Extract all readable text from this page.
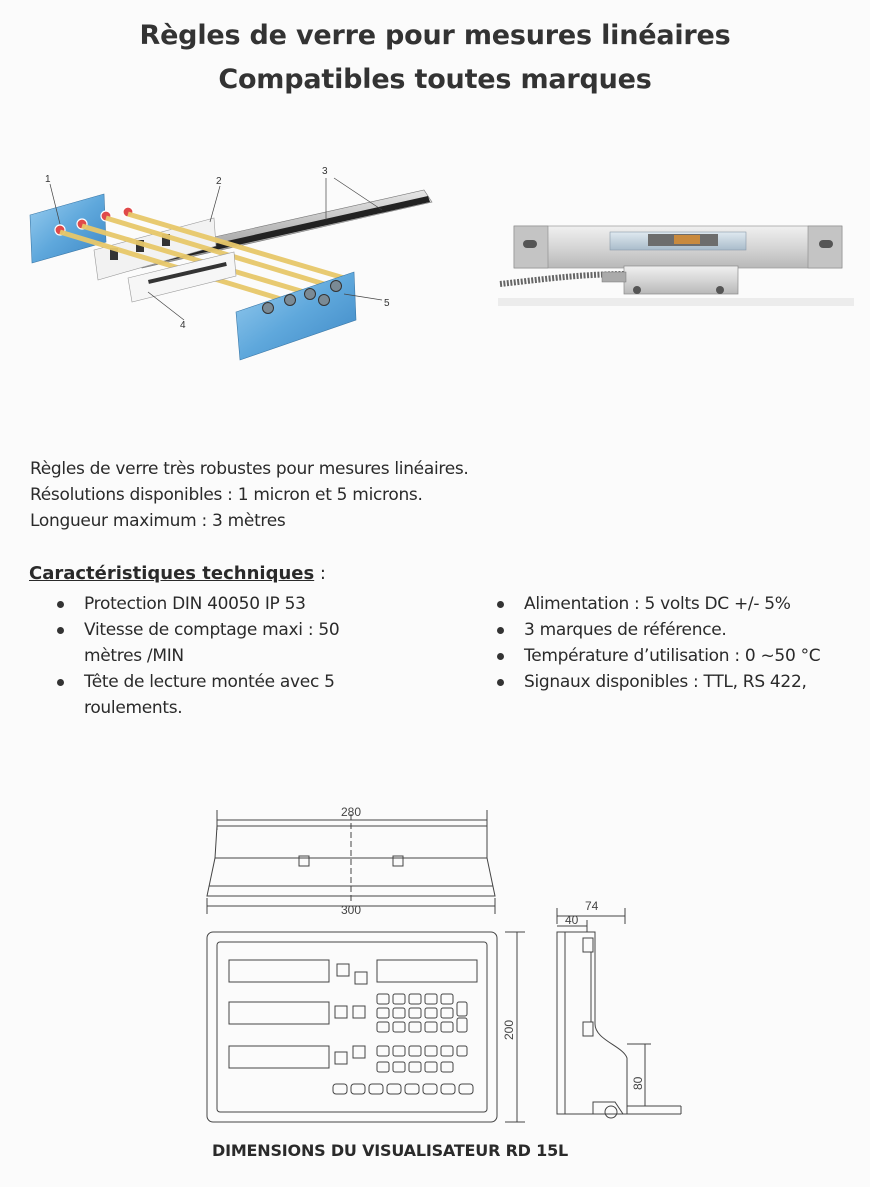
Règles de verre pour mesures linéaires
Compatibles toutes marques
1	2
3
4
5
Règles de verre très robustes pour mesures linéaires.
Résolutions disponibles : 1 micron et 5 microns.
Longueur maximum : 3 mètres
Caractéristiques techniques :
Protection DIN 40050 IP 53
Vitesse de comptage maxi : 50 mètres /MIN
Tête de lecture montée avec 5 roulements.
Alimentation : 5 volts DC +/- 5%
3 marques de référence.
Température d’utilisation : 0 ~50 °C
Signaux disponibles : TTL, RS 422,
280
300	74
40
200
80
DIMENSIONS DU VISUALISATEUR RD 15L
